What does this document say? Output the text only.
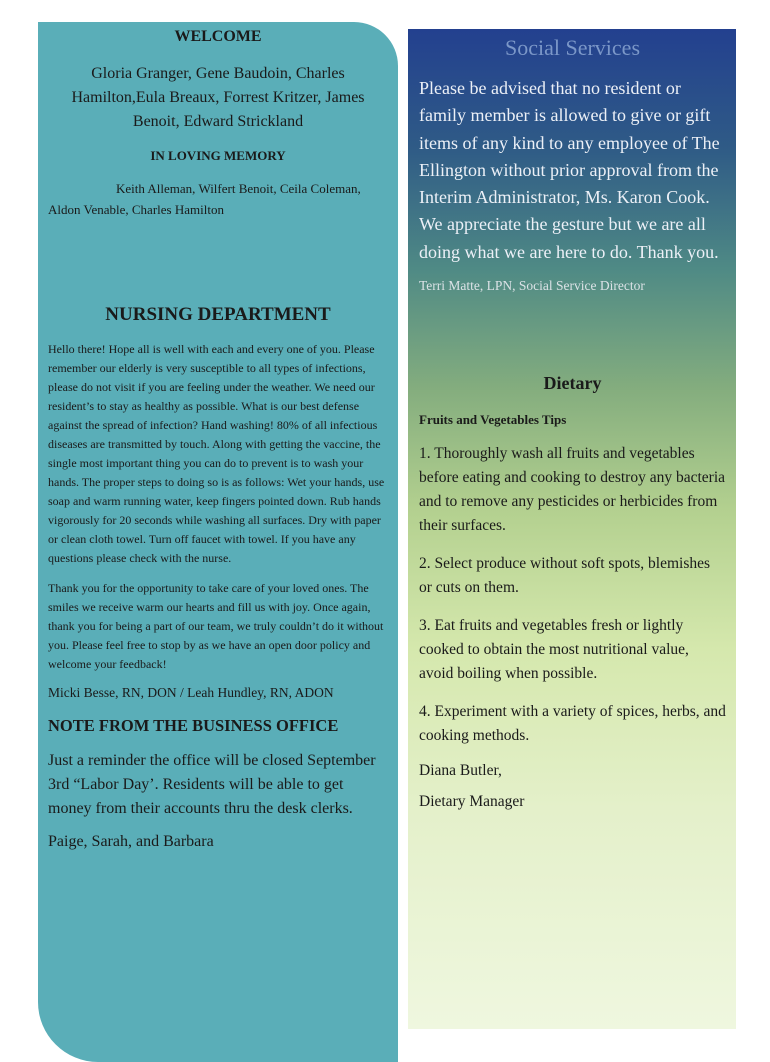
WELCOME

Gloria Granger, Gene Baudoin, Charles Hamilton,Eula Breaux, Forrest Kritzer, James Benoit, Edward Strickland

IN LOVING MEMORY

Keith Alleman, Wilfert Benoit, Ceila Coleman, Aldon Venable, Charles Hamilton

NURSING DEPARTMENT

Hello there! Hope all is well with each and every one of you. Please remember our elderly is very susceptible to all types of infections, please do not visit if you are feeling under the weather. We need our resident’s to stay as healthy as possible. What is our best defense against the spread of infection? Hand washing! 80% of all infectious diseases are transmitted by touch. Along with getting the vaccine, the single most important thing you can do to prevent is to wash your hands. The proper steps to doing so is as follows: Wet your hands, use soap and warm running water, keep fingers pointed down. Rub hands vigorously for 20 seconds while washing all surfaces. Dry with paper or clean cloth towel. Turn off faucet with towel. If you have any questions please check with the nurse.

Thank you for the opportunity to take care of your loved ones. The smiles we receive warm our hearts and fill us with joy. Once again, thank you for being a part of our team, we truly couldn’t do it without you. Please feel free to stop by as we have an open door policy and welcome your feedback!

Micki Besse, RN, DON / Leah Hundley, RN, ADON

NOTE FROM THE BUSINESS OFFICE

Just a reminder the office will be closed September 3rd “Labor Day’. Residents will be able to get money from their accounts thru the desk clerks.

Paige, Sarah, and Barbara

Social Services

Please be advised that no resident or family member is allowed to give or gift items of any kind to any employee of The Ellington without prior approval from the Interim Administrator, Ms. Karon Cook. We appreciate the gesture but we are all doing what we are here to do. Thank you.

Terri Matte, LPN, Social Service Director

Dietary

Fruits and Vegetables Tips

1. Thoroughly wash all fruits and vegetables before eating and cooking to destroy any bacteria and to remove any pesticides or herbicides from their surfaces.

2. Select produce without soft spots, blemishes or cuts on them.

3. Eat fruits and vegetables fresh or lightly cooked to obtain the most nutritional value, avoid boiling when possible.

4. Experiment with a variety of spices, herbs, and cooking methods.

Diana Butler,

Dietary Manager
